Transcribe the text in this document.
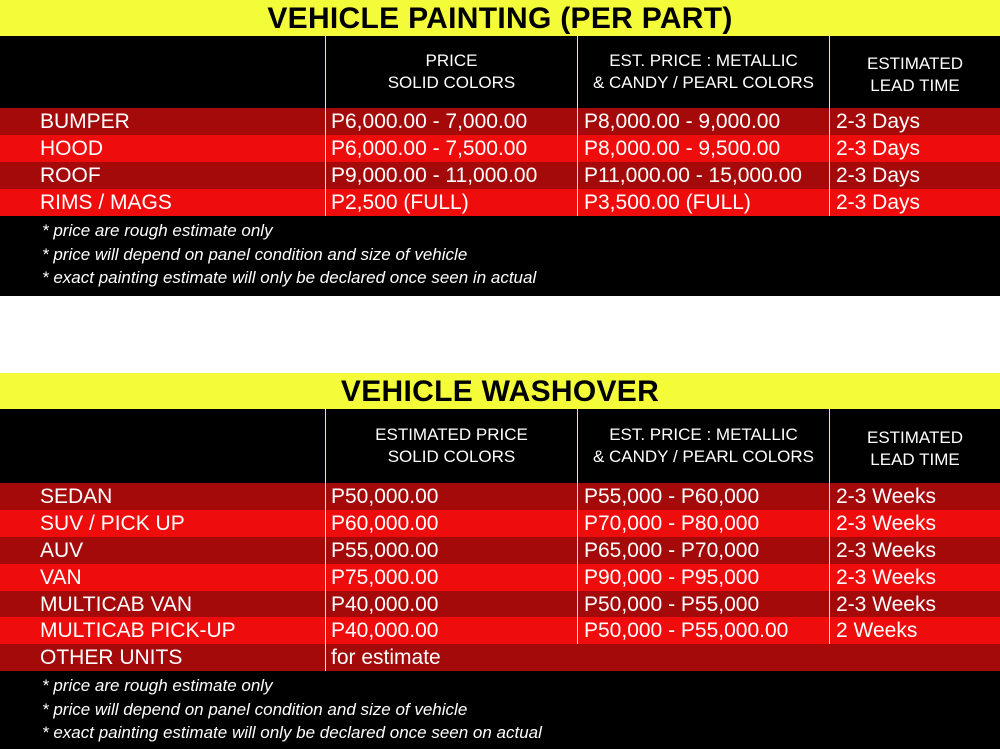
VEHICLE PAINTING (PER PART)
PRICE
SOLID COLORS
EST. PRICE : METALLIC
& CANDY / PEARL COLORS
ESTIMATED
LEAD TIME
BUMPER	P6,000.00 - 7,000.00	P8,000.00 - 9,000.00	2-3 Days
HOOD	P6,000.00 - 7,500.00	P8,000.00 - 9,500.00	2-3 Days
ROOF	P9,000.00 - 11,000.00 P11,000.00 - 15,000.00 2-3 Days
RIMS / MAGS	P2,500 (FULL)	P3,500.00 (FULL)	2-3 Days
* price are rough estimate only
* price will depend on panel condition and size of vehicle
* exact painting estimate will only be declared once seen in actual
VEHICLE WASHOVER
ESTIMATED PRICE
SOLID COLORS
EST. PRICE : METALLIC
& CANDY / PEARL COLORS
ESTIMATED
LEAD TIME
SEDAN	P50,000.00	P55,000 - P60,000	2-3 Weeks
SUV / PICK UP	P60,000.00	P70,000 - P80,000	2-3 Weeks
AUV	P55,000.00	P65,000 - P70,000	2-3 Weeks
VAN	P75,000.00	P90,000 - P95,000	2-3 Weeks
MULTICAB VAN	P40,000.00	P50,000 - P55,000	2-3 Weeks
MULTICAB PICK-UP	P40,000.00	P50,000 - P55,000.00 2 Weeks
OTHER UNITS	for estimate
* price are rough estimate only
* price will depend on panel condition and size of vehicle
* exact painting estimate will only be declared once seen on actual
